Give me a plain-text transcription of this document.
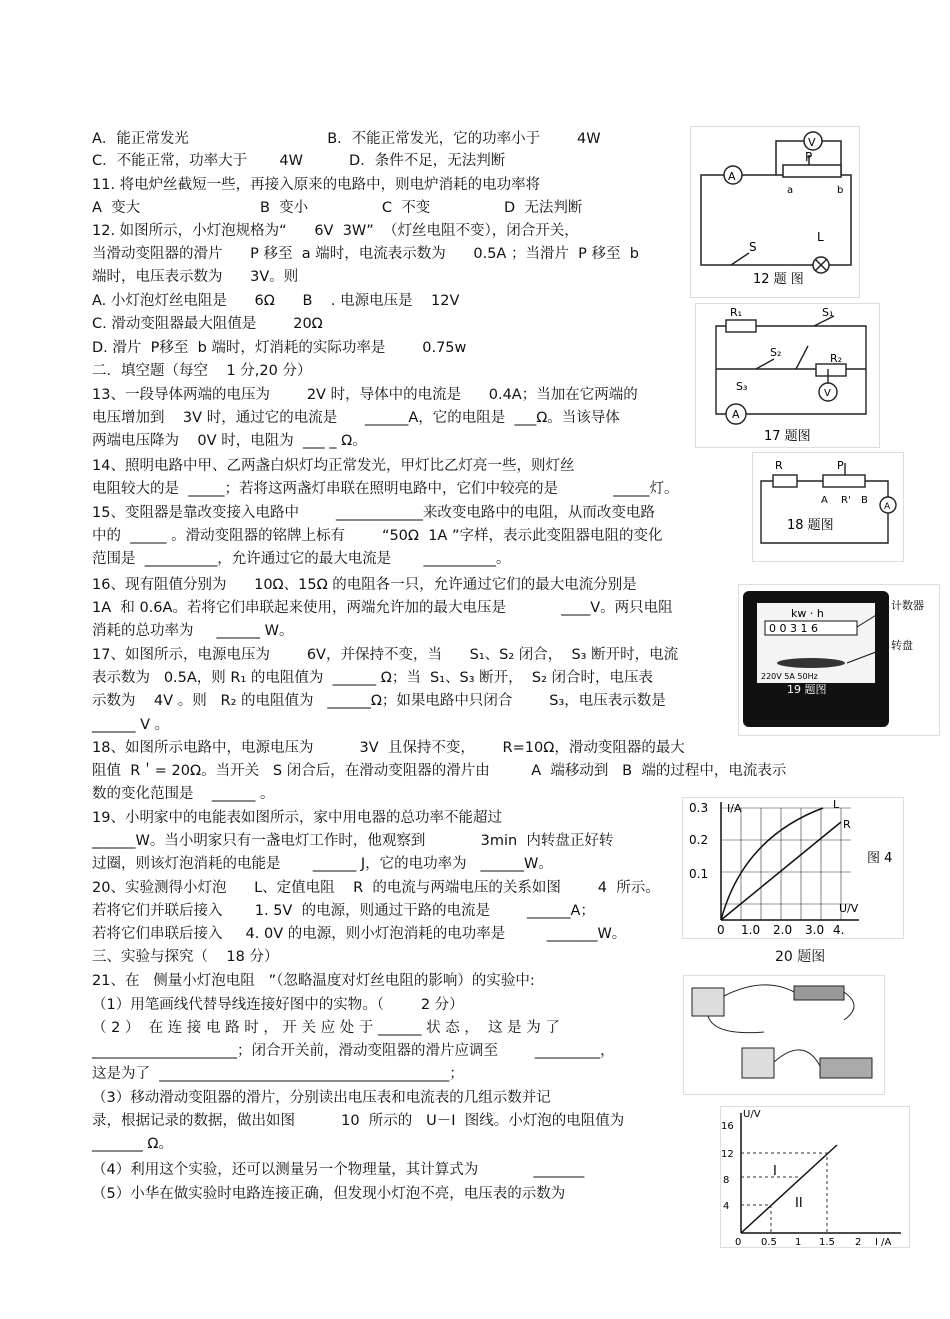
A．能正常发光                              B．不能正常发光，它的功率小于        4W
C．不能正常，功率大于       4W          D．条件不足，无法判断
11. 将电炉丝截短一些，再接入原来的电路中，则电炉消耗的电功率将
A  变大                          B  变小                C  不变                D  无法判断
12. 如图所示，小灯泡规格为“      6V  3W”  （灯丝电阻不变），闭合开关，
当滑动变阻器的滑片      P 移至  a 端时，电流表示数为      0.5A ；当滑片  P 移至  b
端时，电压表示数为      3V。则
A. 小灯泡灯丝电阻是      6Ω      B    . 电源电压是    12V
C. 滑动变阻器最大阻值是        20Ω
D. 滑片  P移至  b 端时，灯消耗的实际功率是        0.75w
二．填空题（每空    1 分,20 分）
13、一段导体两端的电压为        2V 时，导体中的电流是      0.4A；当加在它两端的
电压增加到    3V 时，通过它的电流是      ______A，它的电阻是  ___Ω。当该导体
两端电压降为    0V 时，电阻为  ___ _ Ω。
14、照明电路中甲、乙两盏白炽灯均正常发光，甲灯比乙灯亮一些，则灯丝
电阻较大的是  _____；若将这两盏灯串联在照明电路中，它们中较亮的是            _____灯。
15、变阻器是靠改变接入电路中        ____________来改变电路中的电阻，从而改变电路
中的  _____ 。滑动变阻器的铭牌上标有        “50Ω  1A ”字样，表示此变阻器电阻的变化
范围是  __________，允许通过它的最大电流是       __________。
16、现有阻值分别为      10Ω、15Ω 的电阻各一只，允许通过它们的最大电流分别是
1A  和 0.6A。若将它们串联起来使用，两端允许加的最大电压是            ____V。两只电阻
消耗的总功率为     ______ W。
17、如图所示，电源电压为        6V，并保持不变，当      S₁、S₂ 闭合，  S₃ 断开时，电流
表示数为   0.5A，则 R₁ 的电阻值为  ______ Ω；当  S₁、S₃ 断开，  S₂ 闭合时，电压表
示数为    4V 。则   R₂ 的电阻值为   ______Ω；如果电路中只闭合        S₃，电压表示数是
______ V 。
18、如图所示电路中，电源电压为          3V  且保持不变，      R=10Ω，滑动变阻器的最大
阻值  R＇= 20Ω。当开关   S 闭合后，在滑动变阻器的滑片由         A  端移动到   B  端的过程中，电流表示
数的变化范围是    ______ 。
19、小明家中的电能表如图所示，家中用电器的总功率不能超过
______W。当小明家只有一盏电灯工作时，他观察到            3min  内转盘正好转
过圈，则该灯泡消耗的电能是       ______ J，它的电功率为   ______W。
20、实验测得小灯泡      L、定值电阻    R  的电流与两端电压的关系如图        4  所示。
若将它们并联后接入       1. 5V  的电源，则通过干路的电流是        ______A；
若将它们串联后接入     4. 0V 的电源，则小灯泡消耗的电功率是         _______W。
三、实验与探究（    18 分）
21、在   侧量小灯泡电阻   ”（忽略温度对灯丝电阻的影响）的实验中:
（1）用笔画线代替导线连接好图中的实物。（        2 分）
（ 2 ）  在 连 接 电 路 时 ， 开 关 应 处 于 ______ 状 态 ，  这 是 为 了
____________________；闭合开关前，滑动变阻器的滑片应调至        _________，
这是为了  ________________________________________；
（3）移动滑动变阻器的滑片，分别读出电压表和电流表的几组示数并记
录，根据记录的数据，做出如图          10  所示的   U－I  图线。小灯泡的电阻值为
_______ Ω。
（4）利用这个实验，还可以测量另一个物理量，其计算式为            _______
（5）小华在做实验时电路连接正确，但发现小灯泡不亮，电压表的示数为
A
V
P
a	b
S
L
12 题 图
R₁	S₁
S₂	R₂
S₃
V
A
17 题图
R	P
A	B
R'
A
18 题图
kw · h
0 0 3 1 6
计数器
转盘
220V 5A 50Hz
19 题图
0.3
0.2
0.1
I/A	L
R
图 4
U/V
0 1.0 2.0 3.0 4.
20 题图
U/V
16
12
8
4
I
II
0 0.5 1 1.5 2 I /A
